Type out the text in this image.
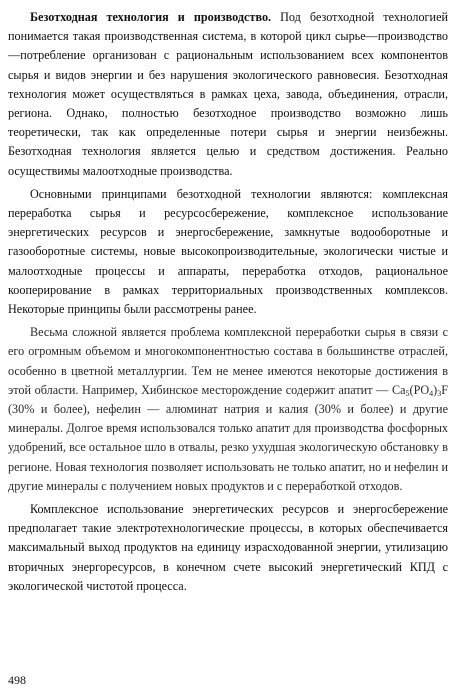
Безотходная технология и производство. Под безотходной технологией понимается такая производственная система, в которой цикл сырье—производство—потребление организован с рациональным использованием всех компонентов сырья и видов энергии и без нарушения экологического равновесия. Безотходная технология может осуществляться в рамках цеха, завода, объединения, отрасли, региона. Однако, полностью безотходное производство возможно лишь теоретически, так как определенные потери сырья и энергии неизбежны. Безотходная технология является целью и средством достижения. Реально осуществимы малоотходные производства.

Основными принципами безотходной технологии являются: комплексная переработка сырья и ресурсосбережение, комплексное использование энергетических ресурсов и энергосбережение, замкнутые водооборотные и газооборотные системы, новые высокопроизводительные, экологически чистые и малоотходные процессы и аппараты, переработка отходов, рациональное кооперирование в рамках территориальных производственных комплексов. Некоторые принципы были рассмотрены ранее.

Весьма сложной является проблема комплексной переработки сырья в связи с его огромным объемом и многокомпонентностью состава в большинстве отраслей, особенно в цветной металлургии. Тем не менее имеются некоторые достижения в этой области. Например, Хибинское месторождение содержит апатит — $Ca_5(PO_4)_3F$ (30% и более), нефелин — алюминат натрия и калия (30% и более) и другие минералы. Долгое время использовался только апатит для производства фосфорных удобрений, все остальное шло в отвалы, резко ухудшая экологическую обстановку в регионе. Новая технология позволяет использовать не только апатит, но и нефелин и другие минералы с получением новых продуктов и с переработкой отходов.

Комплексное использование энергетических ресурсов и энергосбережение предполагает такие электротехнологические процессы, в которых обеспечивается максимальный выход продуктов на единицу израсходованной энергии, утилизацию вторичных энергоресурсов, в конечном счете высокий энергетический КПД с экологической чистотой процесса.

498
